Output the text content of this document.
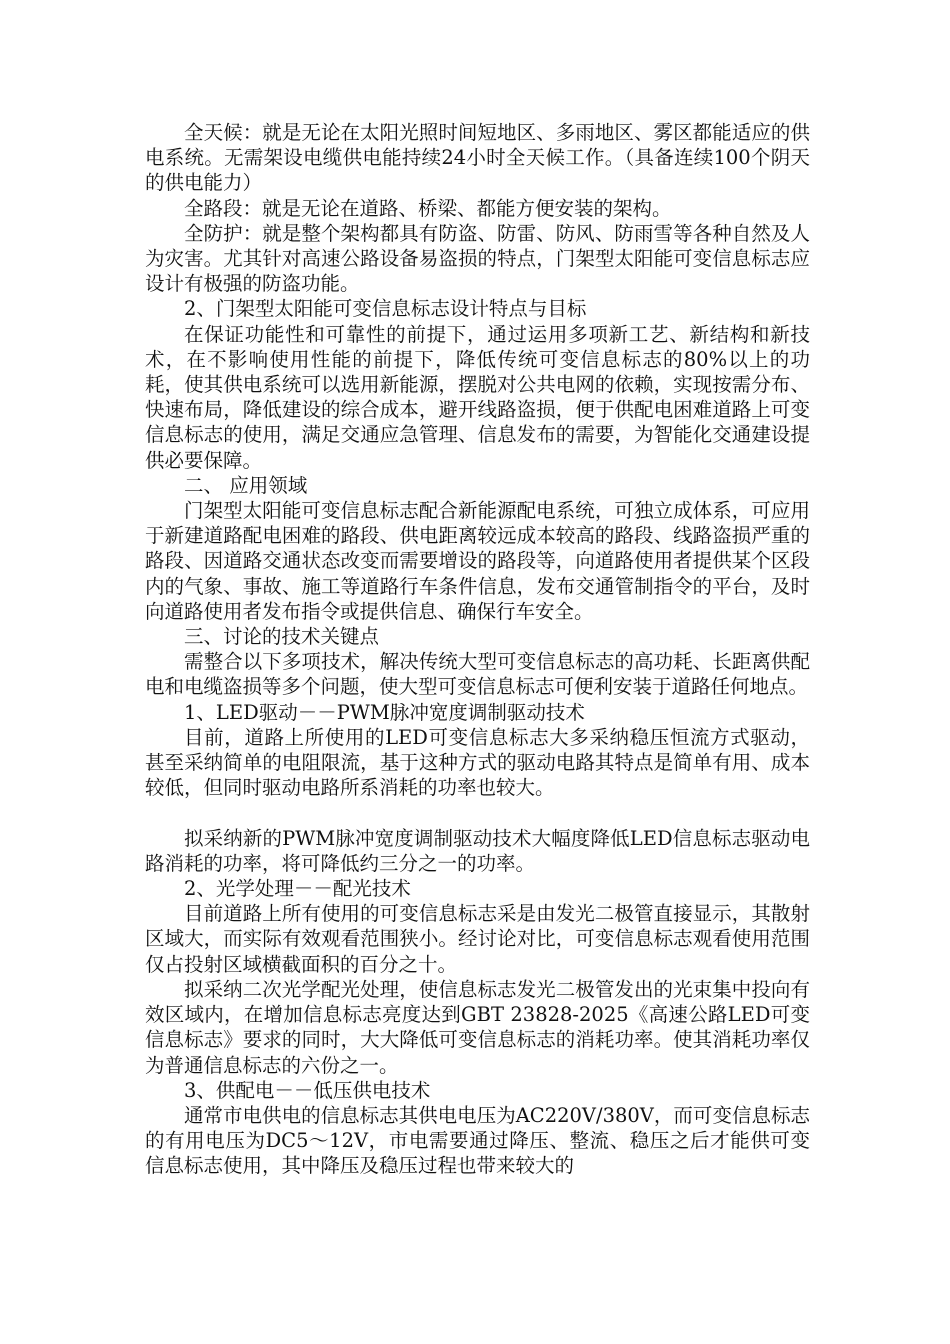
全天候：就是无论在太阳光照时间短地区、多雨地区、雾区都能适应的供电系统。无需架设电缆供电能持续24小时全天候工作。（具备连续100个阴天的供电能力）

全路段：就是无论在道路、桥梁、都能方便安装的架构。

全防护：就是整个架构都具有防盗、防雷、防风、防雨雪等各种自然及人为灾害。尤其针对高速公路设备易盗损的特点，门架型太阳能可变信息标志应设计有极强的防盗功能。

2、门架型太阳能可变信息标志设计特点与目标

在保证功能性和可靠性的前提下，通过运用多项新工艺、新结构和新技术，在不影响使用性能的前提下，降低传统可变信息标志的80%以上的功耗，使其供电系统可以选用新能源，摆脱对公共电网的依赖，实现按需分布、快速布局，降低建设的综合成本，避开线路盗损，便于供配电困难道路上可变信息标志的使用，满足交通应急管理、信息发布的需要，为智能化交通建设提供必要保障。

二、 应用领域

门架型太阳能可变信息标志配合新能源配电系统，可独立成体系，可应用于新建道路配电困难的路段、供电距离较远成本较高的路段、线路盗损严重的路段、因道路交通状态改变而需要增设的路段等，向道路使用者提供某个区段内的气象、事故、施工等道路行车条件信息，发布交通管制指令的平台，及时向道路使用者发布指令或提供信息、确保行车安全。

三、讨论的技术关键点

需整合以下多项技术，解决传统大型可变信息标志的高功耗、长距离供配电和电缆盗损等多个问题，使大型可变信息标志可便利安装于道路任何地点。

1、LED驱动－－PWM脉冲宽度调制驱动技术

目前，道路上所使用的LED可变信息标志大多采纳稳压恒流方式驱动，甚至采纳简单的电阻限流，基于这种方式的驱动电路其特点是简单有用、成本较低，但同时驱动电路所系消耗的功率也较大。

拟采纳新的PWM脉冲宽度调制驱动技术大幅度降低LED信息标志驱动电路消耗的功率，将可降低约三分之一的功率。

2、光学处理－－配光技术

目前道路上所有使用的可变信息标志采是由发光二极管直接显示，其散射区域大，而实际有效观看范围狭小。经讨论对比，可变信息标志观看使用范围仅占投射区域横截面积的百分之十。

拟采纳二次光学配光处理，使信息标志发光二极管发出的光束集中投向有效区域内，在增加信息标志亮度达到GBT 23828-2025《高速公路LED可变信息标志》要求的同时，大大降低可变信息标志的消耗功率。使其消耗功率仅为普通信息标志的六份之一。

3、供配电－－低压供电技术

通常市电供电的信息标志其供电电压为AC220V/380V，而可变信息标志的有用电压为DC5～12V，市电需要通过降压、整流、稳压之后才能供可变信息标志使用，其中降压及稳压过程也带来较大的
